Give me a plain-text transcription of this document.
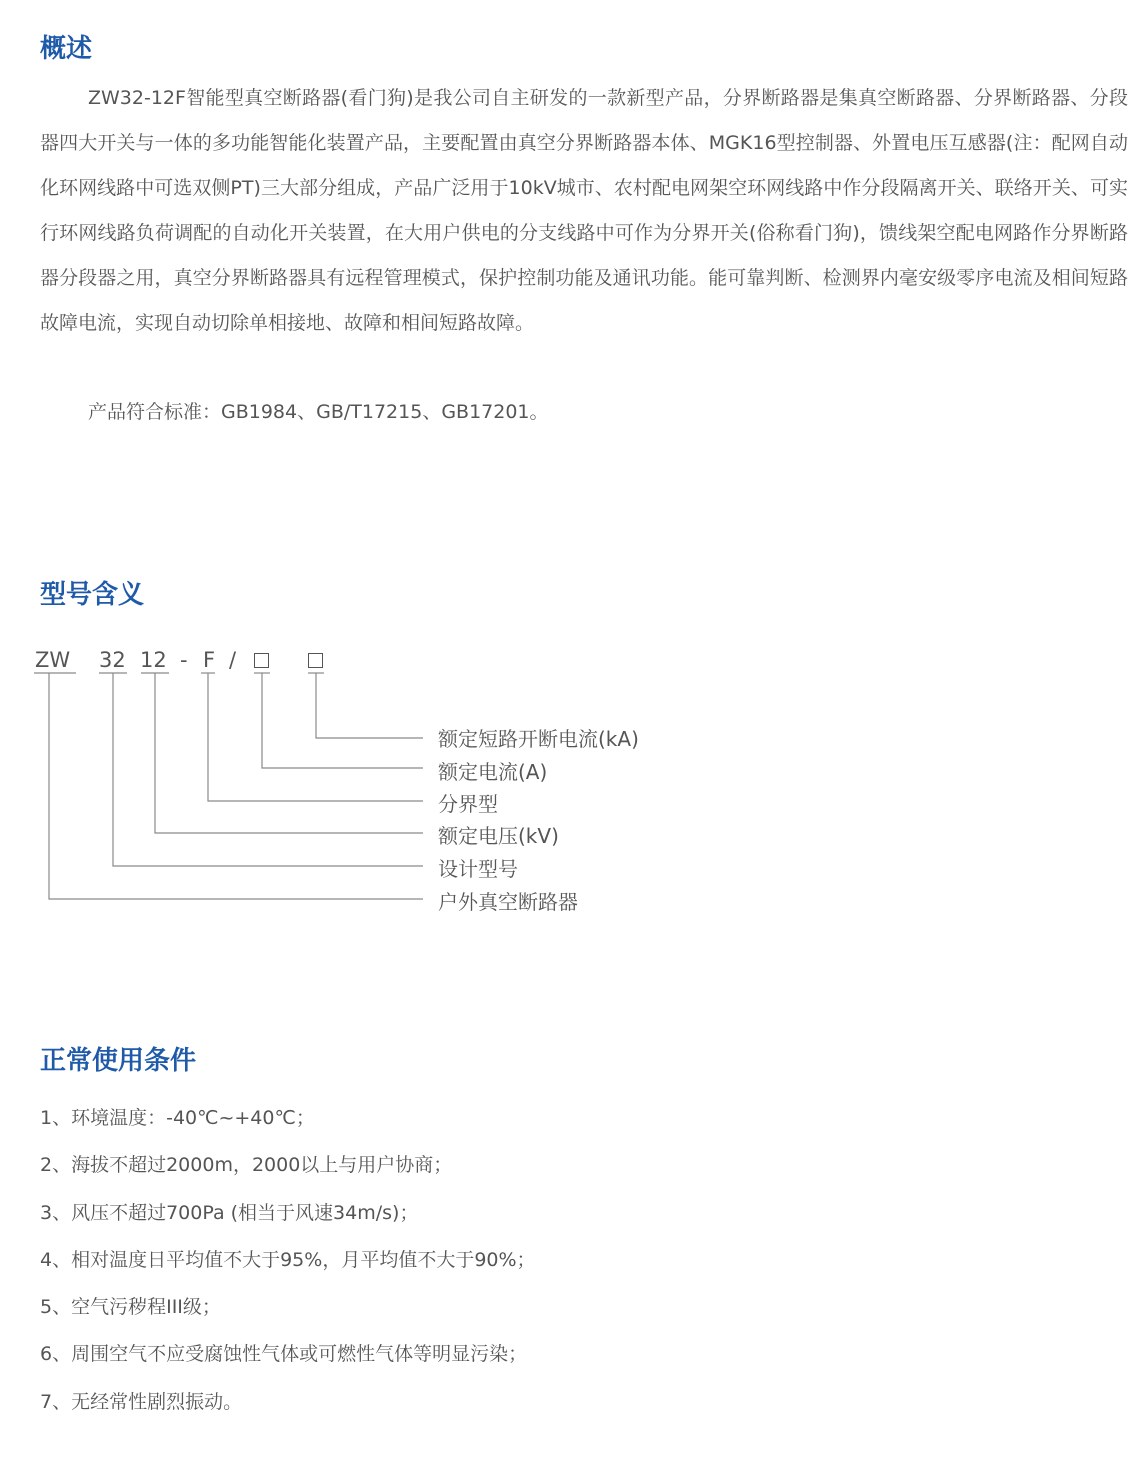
概述

ZW32-12F智能型真空断路器(看门狗)是我公司自主研发的一款新型产品，分界断路器是集真空断路器、分界断路器、分段器四大开关与一体的多功能智能化装置产品，主要配置由真空分界断路器本体、MGK16型控制器、外置电压互感器(注：配网自动化环网线路中可选双侧PT)三大部分组成，产品广泛用于10kV城市、农村配电网架空环网线路中作分段隔离开关、联络开关、可实行环网线路负荷调配的自动化开关装置，在大用户供电的分支线路中可作为分界开关(俗称看门狗)，馈线架空配电网路作分界断路器分段器之用，真空分界断路器具有远程管理模式，保护控制功能及通讯功能。能可靠判断、检测界内毫安级零序电流及相间短路故障电流，实现自动切除单相接地、故障和相间短路故障。

产品符合标准：GB1984、GB/T17215、GB17201。

型号含义
ZW 32 12 - F /
额定短路开断电流(kA)
额定电流(A)
分界型
额定电压(kV)
设计型号
户外真空断路器
正常使用条件
1、环境温度：-40℃~+40℃；
2、海拔不超过2000m，2000以上与用户协商；
3、风压不超过700Pa (相当于风速34m/s)；
4、相对温度日平均值不大于95%，月平均值不大于90%；
5、空气污秽程III级；
6、周围空气不应受腐蚀性气体或可燃性气体等明显污染；
7、无经常性剧烈振动。
